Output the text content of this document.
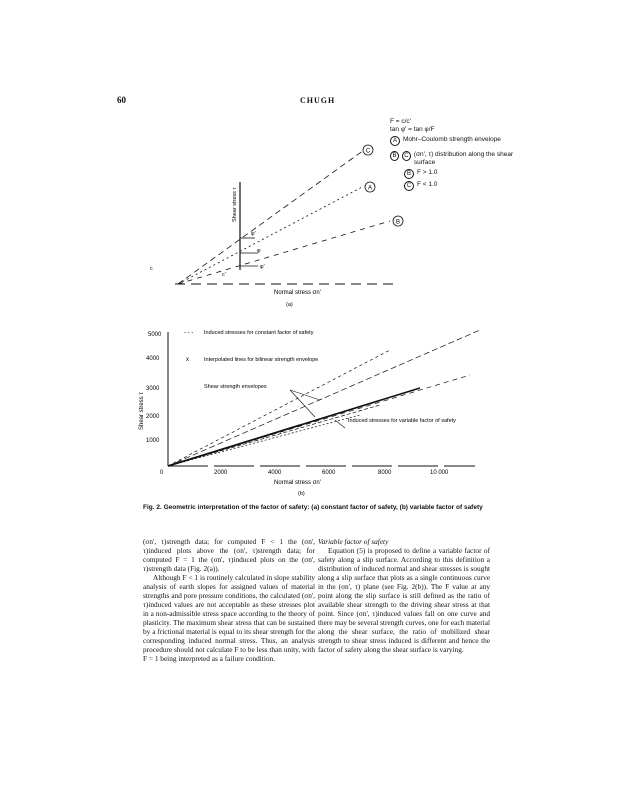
60	CHUGH
C
A
B
φ'
φ
φ'
c
c'
Shear stress τ
Normal stress σn'
(a)
F = c/c'
tan φ' = tan φ/F
A Mohr–Coulomb strength envelope
B	C (σn', τ) distribution along the shear surface
B F > 1.0
C F < 1.0
5000
4000
3000
2000
1000
0	2000	4000	6000	8000	10 000
Shear stress τ
Normal stress σn'
(b)
- - - Induced stresses for constant factor of safety
x	Interpolated lines for bilinear strength envelope
Shear strength envelopes
Induced stresses for variable factor of safety
Fig. 2. Geometric interpretation of the factor of safety: (a) constant factor of safety, (b) variable factor of safety

(σn', τ)strength data; for computed F < 1 the (σn', τ)induced plots above the (σn', τ)strength data; for computed F = 1 the (σn', τ)induced plots on the (σn', τ)strength data (Fig. 2(a)).

Although F < 1 is routinely calculated in slope stability analysis of earth slopes for assigned values of material strengths and pore pressure conditions, the calculated (σn', τ)induced values are not acceptable as these stresses plot in a non-admissible stress space according to the theory of plasticity. The maximum shear stress that can be sustained by a frictional material is equal to its shear strength for the corresponding induced normal stress. Thus, an analysis procedure should not calculate F to be less than unity, with F = 1 being interpreted as a failure condition.

Variable factor of safety

Equation (5) is proposed to define a variable factor of safety along a slip surface. According to this definition a distribution of induced normal and shear stresses is sought along a slip surface that plots as a single continuous curve in the (σn', τ) plane (see Fig. 2(b)). The F value at any point along the slip surface is still defined as the ratio of available shear strength to the driving shear stress at that point. Since (σn', τ)induced values fall on one curve and there may be several strength curves, one for each material along the shear surface, the ratio of mobilized shear strength to shear stress induced is different and hence the factor of safety along the shear surface is varying.
